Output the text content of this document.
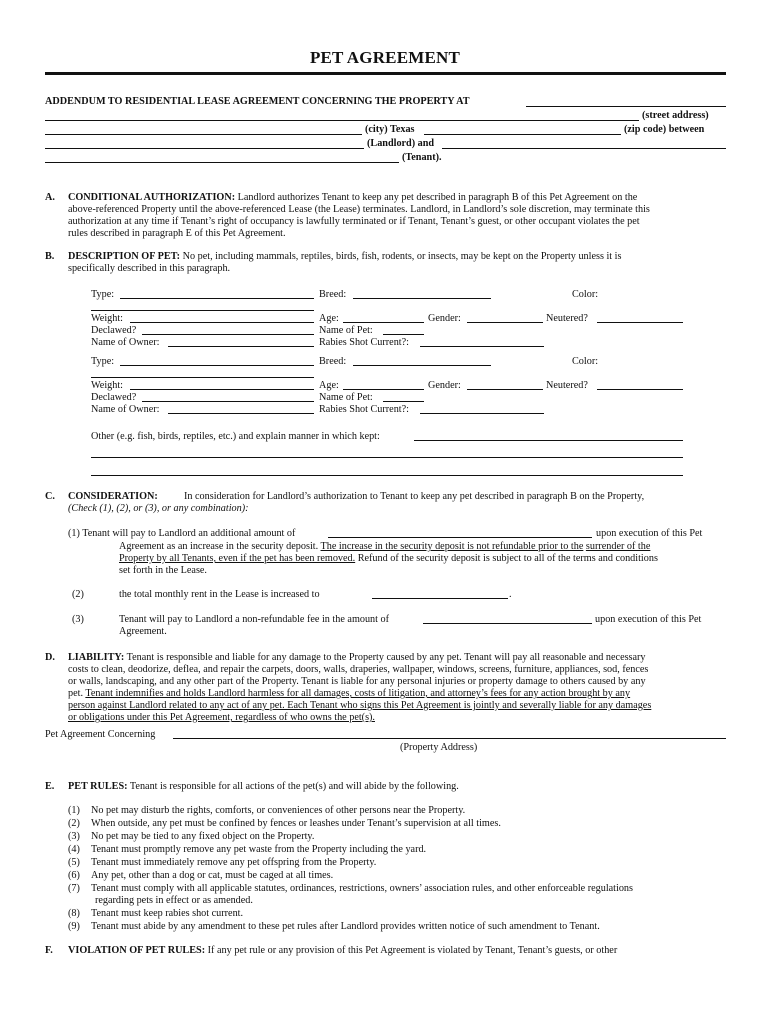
PET AGREEMENT
ADDENDUM TO RESIDENTIAL LEASE AGREEMENT CONCERNING THE PROPERTY AT
(street address)
(city) Texas	(zip code) between
(Landlord) and
(Tenant).
A. CONDITIONAL AUTHORIZATION: Landlord authorizes Tenant to keep any pet described in paragraph B of this Pet Agreement on the
above-referenced Property until the above-referenced Lease (the Lease) terminates. Landlord, in Landlord’s sole discretion, may terminate this
authorization at any time if Tenant’s right of occupancy is lawfully terminated or if Tenant, Tenant’s guest, or other occupant violates the pet
rules described in paragraph E of this Pet Agreement.
B. DESCRIPTION OF PET: No pet, including mammals, reptiles, birds, fish, rodents, or insects, may be kept on the Property unless it is
specifically described in this paragraph.
Type:	Breed:	Color:
Weight:	Age:	Gender:	Neutered?
Declawed?	Name of Pet:
Name of Owner:	Rabies Shot Current?:
Type:	Breed:	Color:
Weight:	Age:	Gender:	Neutered?
Declawed?	Name of Pet:
Name of Owner:	Rabies Shot Current?:
Other (e.g. fish, birds, reptiles, etc.) and explain manner in which kept:
C. CONSIDERATION:	In consideration for Landlord’s authorization to Tenant to keep any pet described in paragraph B on the Property,
(Check (1), (2), or (3), or any combination):
(1) Tenant will pay to Landlord an additional amount of	upon execution of this Pet
Agreement as an increase in the security deposit. The increase in the security deposit is not refundable prior to the surrender of the
Property by all Tenants, even if the pet has been removed. Refund of the security deposit is subject to all of the terms and conditions
set forth in the Lease.
(2)	the total monthly rent in the Lease is increased to	.
(3)	Tenant will pay to Landlord a non-refundable fee in the amount of	upon execution of this Pet
Agreement.
D. LIABILITY: Tenant is responsible and liable for any damage to the Property caused by any pet. Tenant will pay all reasonable and necessary
costs to clean, deodorize, deflea, and repair the carpets, doors, walls, draperies, wallpaper, windows, screens, furniture, appliances, sod, fences
or walls, landscaping, and any other part of the Property. Tenant is liable for any personal injuries or property damage to others caused by any
pet. Tenant indemnifies and holds Landlord harmless for all damages, costs of litigation, and attorney’s fees for any action brought by any
person against Landlord related to any act of any pet. Each Tenant who signs this Pet Agreement is jointly and severally liable for any damages
or obligations under this Pet Agreement, regardless of who owns the pet(s).
Pet Agreement Concerning
(Property Address)
E. PET RULES: Tenant is responsible for all actions of the pet(s) and will abide by the following.
(1) No pet may disturb the rights, comforts, or conveniences of other persons near the Property.
(2) When outside, any pet must be confined by fences or leashes under Tenant’s supervision at all times.
(3) No pet may be tied to any fixed object on the Property.
(4) Tenant must promptly remove any pet waste from the Property including the yard.
(5) Tenant must immediately remove any pet offspring from the Property.
(6) Any pet, other than a dog or cat, must be caged at all times.
(7) Tenant must comply with all applicable statutes, ordinances, restrictions, owners’ association rules, and other enforceable regulations
regarding pets in effect or as amended.
(8) Tenant must keep rabies shot current.
(9) Tenant must abide by any amendment to these pet rules after Landlord provides written notice of such amendment to Tenant.
F. VIOLATION OF PET RULES: If any pet rule or any provision of this Pet Agreement is violated by Tenant, Tenant’s guests, or other
